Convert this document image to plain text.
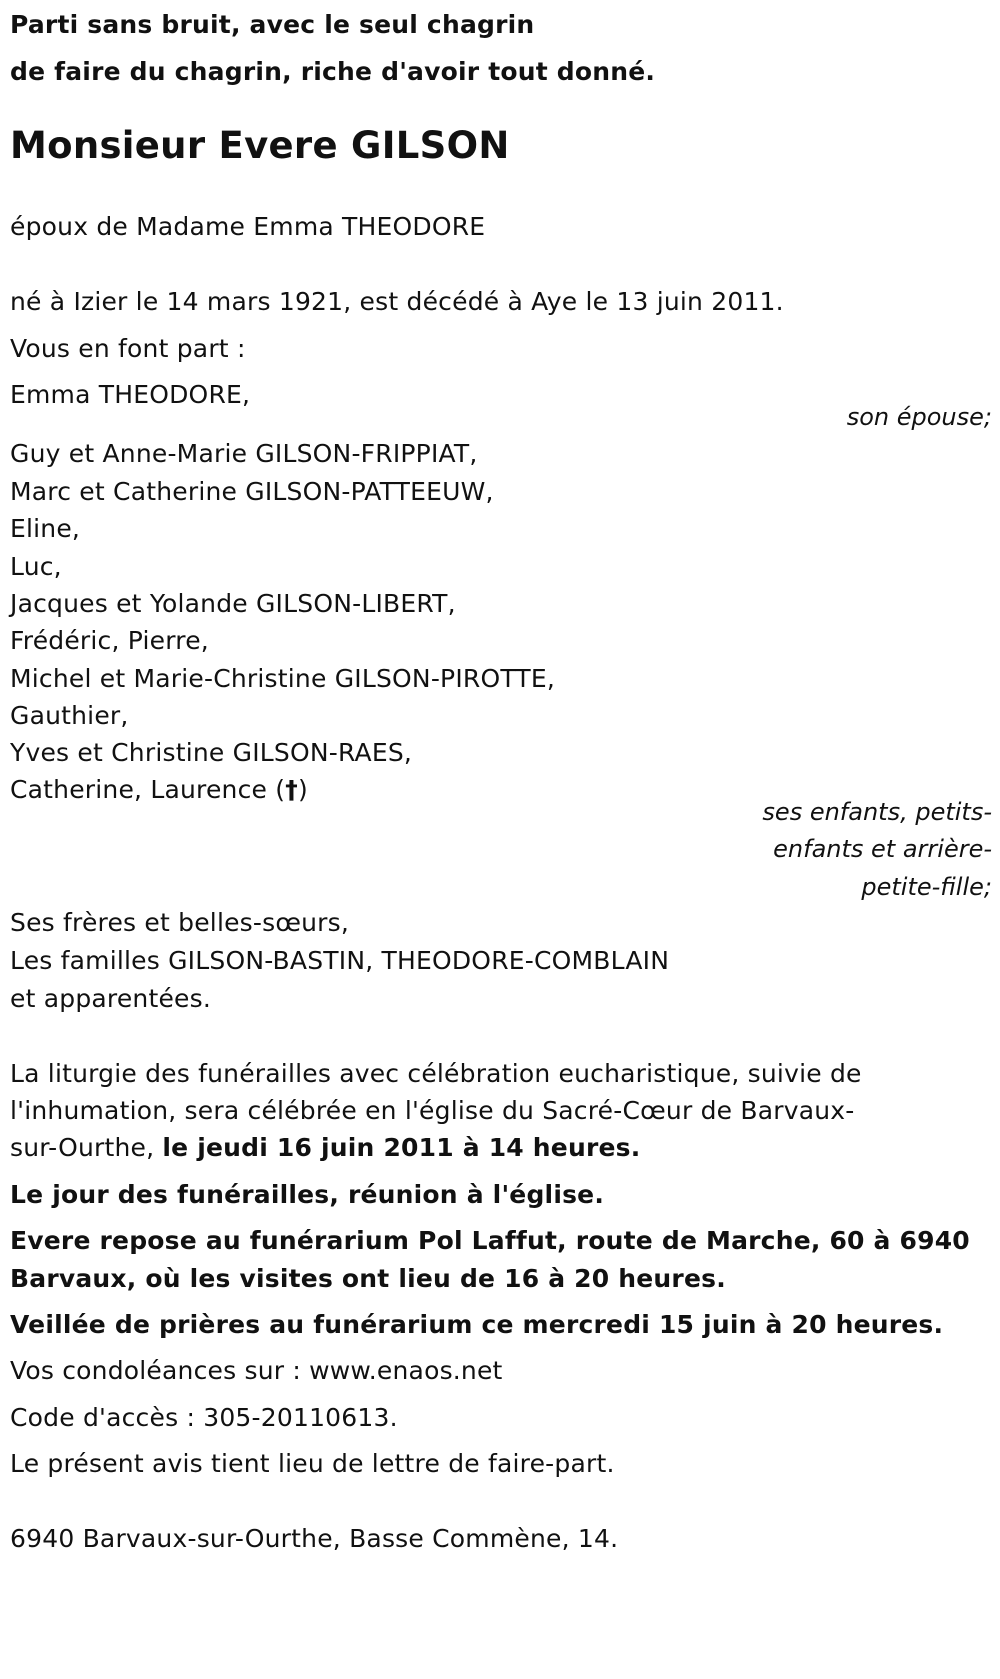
Parti sans bruit, avec le seul chagrin
de faire du chagrin, riche d'avoir tout donné.
Monsieur Evere GILSON
époux de Madame Emma THEODORE
né à Izier le 14 mars 1921, est décédé à Aye le 13 juin 2011.
Vous en font part :
Emma THEODORE,
son épouse;
Guy et Anne-Marie GILSON-FRIPPIAT,
Marc et Catherine GILSON-PATTEEUW,
Eline,
Luc,
Jacques et Yolande GILSON-LIBERT,
Frédéric, Pierre,
Michel et Marie-Christine GILSON-PIROTTE,
Gauthier,
Yves et Christine GILSON-RAES,
Catherine, Laurence (†)
ses enfants, petits-
enfants et arrière-
petite-fille;
Ses frères et belles-sœurs,
Les familles GILSON-BASTIN, THEODORE-COMBLAIN
et apparentées.
La liturgie des funérailles avec célébration eucharistique, suivie de
l'inhumation, sera célébrée en l'église du Sacré-Cœur de Barvaux-
sur-Ourthe, le jeudi 16 juin 2011 à 14 heures.
Le jour des funérailles, réunion à l'église.
Evere repose au funérarium Pol Laffut, route de Marche, 60 à 6940
Barvaux, où les visites ont lieu de 16 à 20 heures.
Veillée de prières au funérarium ce mercredi 15 juin à 20 heures.
Vos condoléances sur : www.enaos.net
Code d'accès : 305-20110613.
Le présent avis tient lieu de lettre de faire-part.
6940 Barvaux-sur-Ourthe, Basse Commène, 14.
